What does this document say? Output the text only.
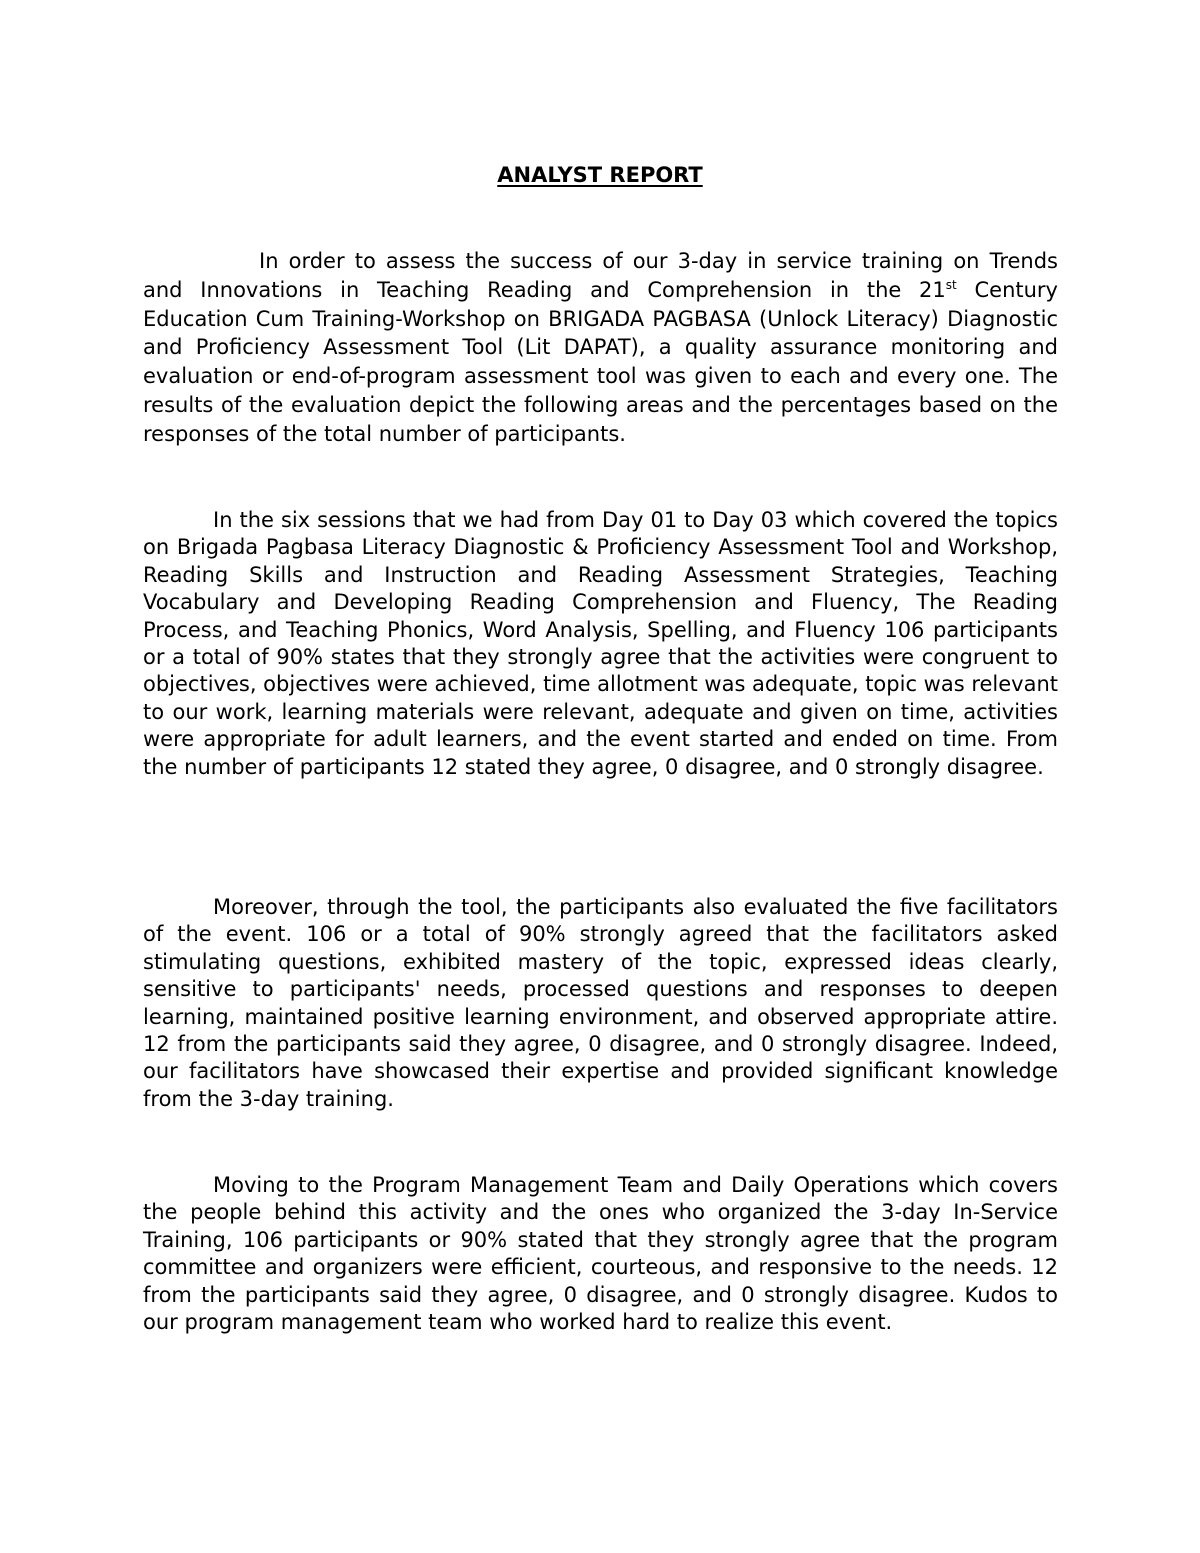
ANALYST REPORT

In order to assess the success of our 3-day in service training on Trends and Innovations in Teaching Reading and Comprehension in the 21st Century Education Cum Training-Workshop on BRIGADA PAGBASA (Unlock Literacy) Diagnostic and Proficiency Assessment Tool (Lit DAPAT), a quality assurance monitoring and evaluation or end-of-program assessment tool was given to each and every one. The results of the evaluation depict the following areas and the percentages based on the responses of the total number of participants.

In the six sessions that we had from Day 01 to Day 03 which covered the topics on Brigada Pagbasa Literacy Diagnostic & Proficiency Assessment Tool and Workshop, Reading Skills and Instruction and Reading Assessment Strategies, Teaching Vocabulary and Developing Reading Comprehension and Fluency, The Reading Process, and Teaching Phonics, Word Analysis, Spelling, and Fluency 106 participants or a total of 90% states that they strongly agree that the activities were congruent to objectives, objectives were achieved, time allotment was adequate, topic was relevant to our work, learning materials were relevant, adequate and given on time, activities were appropriate for adult learners, and the event started and ended on time. From the number of participants 12 stated they agree, 0 disagree, and 0 strongly disagree.

Moreover, through the tool, the participants also evaluated the five facilitators of the event. 106 or a total of 90% strongly agreed that the facilitators asked stimulating questions, exhibited mastery of the topic, expressed ideas clearly, sensitive to participants' needs, processed questions and responses to deepen learning, maintained positive learning environment, and observed appropriate attire. 12 from the participants said they agree, 0 disagree, and 0 strongly disagree. Indeed, our facilitators have showcased their expertise and provided significant knowledge from the 3-day training.

Moving to the Program Management Team and Daily Operations which covers the people behind this activity and the ones who organized the 3-day In-Service Training, 106 participants or 90% stated that they strongly agree that the program committee and organizers were efficient, courteous, and responsive to the needs. 12 from the participants said they agree, 0 disagree, and 0 strongly disagree. Kudos to our program management team who worked hard to realize this event.
